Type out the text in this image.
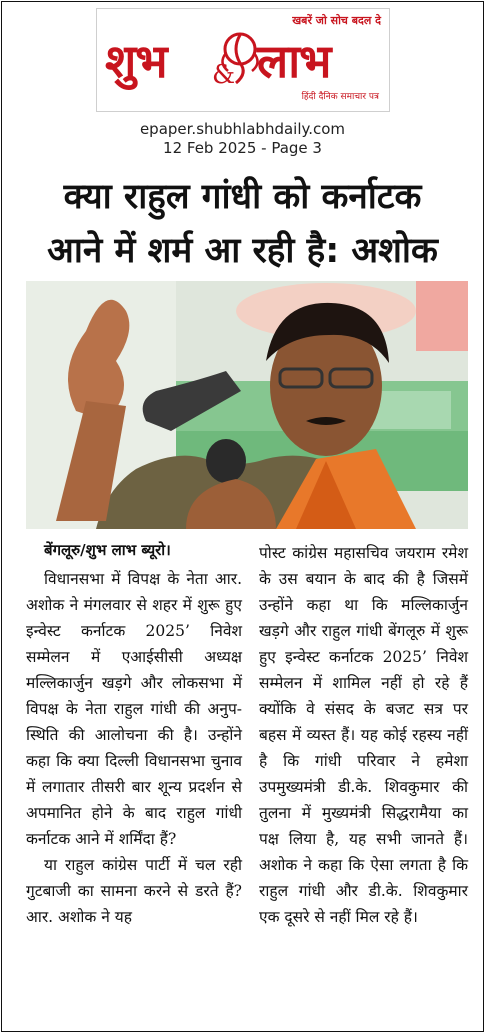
खबरें जो सोच बदल दे
शुभ & लाभ
हिंदी दैनिक समाचार पत्र
epaper.shubhlabhdaily.com
12 Feb 2025 - Page 3
क्या राहुल गांधी को कर्नाटक
आने में शर्म आ रही है: अशोक
बेंगलूरु/शुभ लाभ ब्यूरो।

विधानसभा में विपक्ष के नेता आर. अशोक ने मंगलवार से शहर में शुरू हुए इन्वेस्ट कर्नाटक 2025’ निवेश सम्मेलन में एआईसीसी अध्यक्ष मल्लिकार्जुन खड़गे और लोकसभा में विपक्ष के नेता राहुल गांधी की अनुप-स्थिति की आलोचना की है। उन्होंने कहा कि क्या दिल्ली विधानसभा चुनाव में लगातार तीसरी बार शून्य प्रदर्शन से अपमानित होने के बाद राहुल गांधी कर्नाटक आने में शर्मिंदा हैं?

या राहुल कांग्रेस पार्टी में चल रही गुटबाजी का सामना करने से डरते हैं? आर. अशोक ने यह

पोस्ट कांग्रेस महासचिव जयराम रमेश के उस बयान के बाद की है जिसमें उन्होंने कहा था कि मल्लिकार्जुन खड़गे और राहुल गांधी बेंगलूरु में शुरू हुए इन्वेस्ट कर्नाटक 2025’ निवेश सम्मेलन में शामिल नहीं हो रहे हैं क्योंकि वे संसद के बजट सत्र पर बहस में व्यस्त हैं। यह कोई रहस्य नहीं है कि गांधी परिवार ने हमेशा उपमुख्यमंत्री डी.के. शिवकुमार की तुलना में मुख्यमंत्री सिद्धरामैया का पक्ष लिया है, यह सभी जानते हैं। अशोक ने कहा कि ऐसा लगता है कि राहुल गांधी और डी.के. शिवकुमार एक दूसरे से नहीं मिल रहे हैं।
